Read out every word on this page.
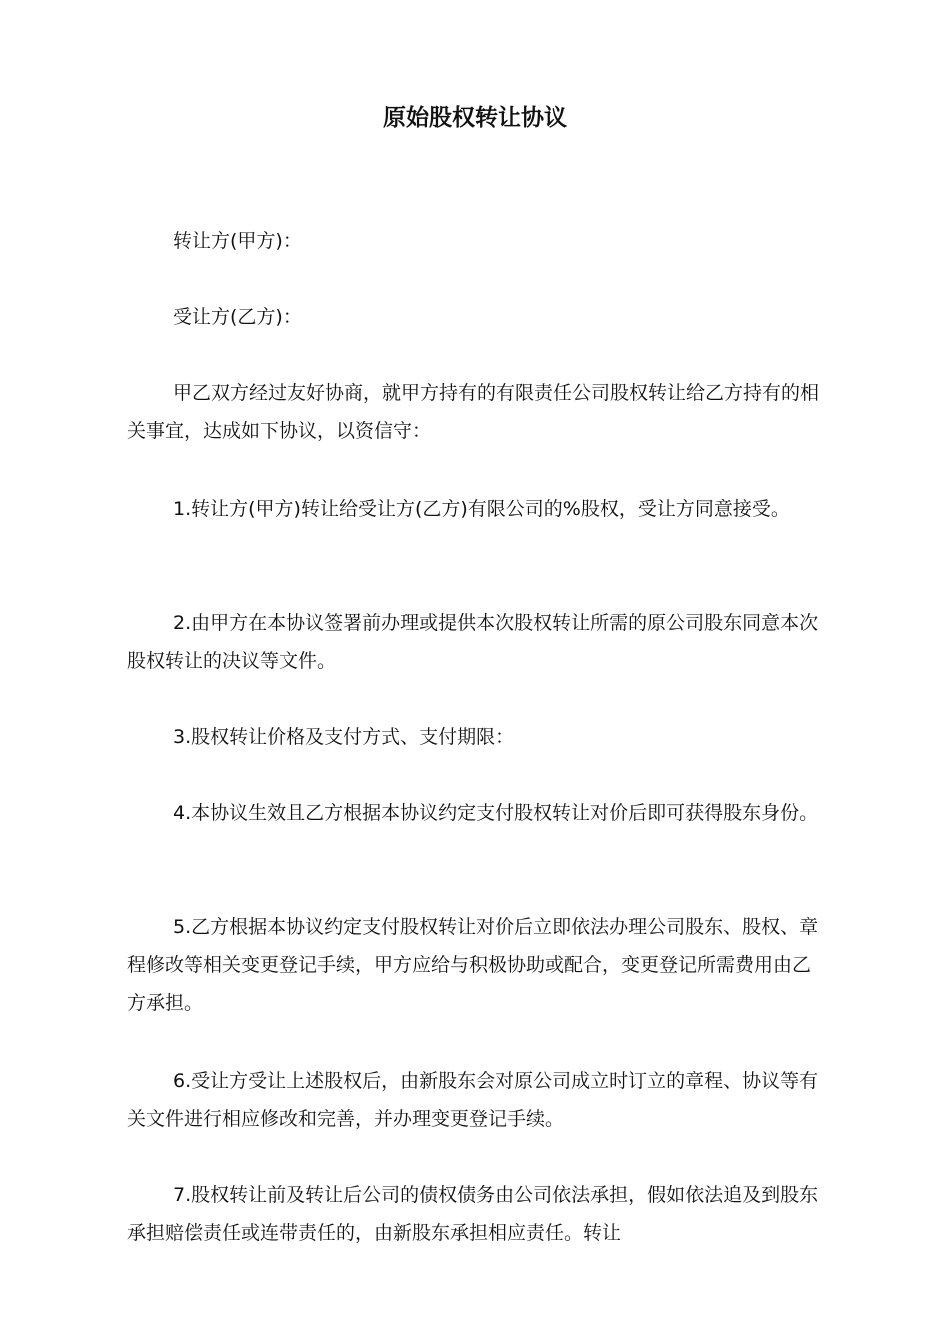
原始股权转让协议

转让方(甲方)：

受让方(乙方)：

甲乙双方经过友好协商，就甲方持有的有限责任公司股权转让给乙方持有的相关事宜，达成如下协议，以资信守：

1.转让方(甲方)转让给受让方(乙方)有限公司的%股权，受让方同意接受。

2.由甲方在本协议签署前办理或提供本次股权转让所需的原公司股东同意本次股权转让的决议等文件。

3.股权转让价格及支付方式、支付期限：

4.本协议生效且乙方根据本协议约定支付股权转让对价后即可获得股东身份。

5.乙方根据本协议约定支付股权转让对价后立即依法办理公司股东、股权、章程修改等相关变更登记手续，甲方应给与积极协助或配合，变更登记所需费用由乙方承担。

6.受让方受让上述股权后，由新股东会对原公司成立时订立的章程、协议等有关文件进行相应修改和完善，并办理变更登记手续。

7.股权转让前及转让后公司的债权债务由公司依法承担，假如依法追及到股东承担赔偿责任或连带责任的，由新股东承担相应责任。转让
